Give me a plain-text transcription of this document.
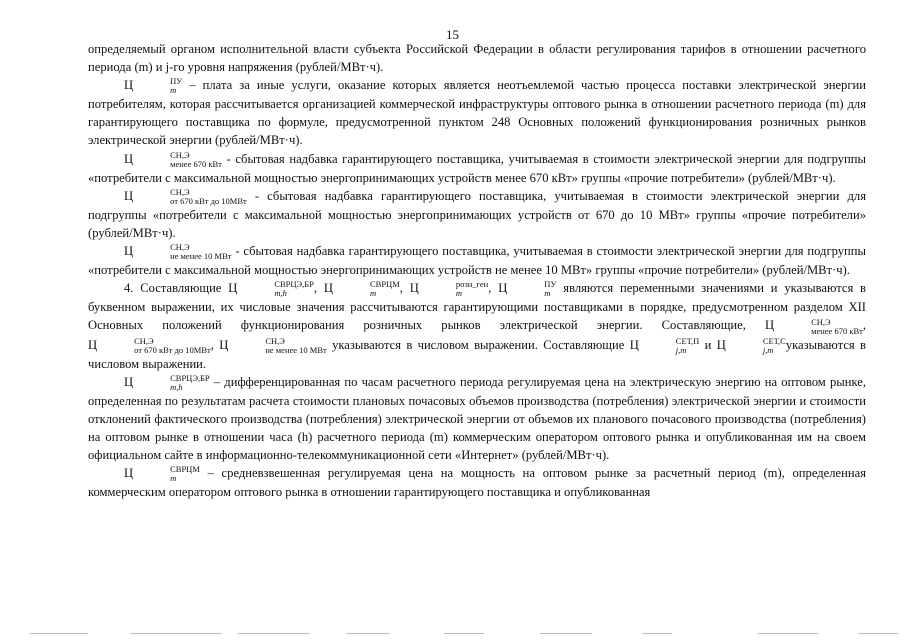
15

определяемый органом исполнительной власти субъекта Российской Федерации в области регулирования тарифов в отношении расчетного периода (m) и j-го уровня напряжения (рублей/МВт·ч).

Ц	ПУ
m – плата за иные услуги, оказание которых является неотъемлемой частью процесса поставки электрической энергии потребителям, которая рассчитывается организацией коммерческой инфраструктуры оптового рынка в отношении расчетного периода (m) для гарантирующего поставщика по формуле, предусмотренной пунктом 248 Основных положений функционирования розничных рынков электрической энергии (рублей/МВт·ч).

Ц	СН,Э
менее 670 кВт - сбытовая надбавка гарантирующего поставщика, учитываемая в стоимости электрической энергии для подгруппы «потребители с максимальной мощностью энергопринимающих устройств менее 670 кВт» группы «прочие потребители» (рублей/МВт·ч).

Ц	СН,Э
от 670 кВт до 10МВт - сбытовая надбавка гарантирующего поставщика, учитываемая в стоимости электрической энергии для подгруппы «потребители с максимальной мощностью энергопринимающих устройств от 670 до 10 МВт» группы «прочие потребители» (рублей/МВт·ч).

Ц	СН,Э
не менее 10 МВт - сбытовая надбавка гарантирующего поставщика, учитываемая в стоимости электрической энергии для подгруппы «потребители с максимальной мощностью энергопринимающих устройств не менее 10 МВт» группы «прочие потребители» (рублей/МВт·ч).

4. Составляющие Ц	СВРЦЭ,БР
m,h	, Ц	СВРЦМ
m	, Ц	розн_ген
m	, Ц	ПУ
m являются переменными значениями и указываются в буквенном выражении, их числовые значения рассчитываются гарантирующими поставщиками в порядке, предусмотренном разделом XII Основных положений функционирования розничных рынков электрической энергии. Составляющие, Ц	СН,Э
менее 670 кВт , Ц	СН,Э
от 670 кВт до 10МВт , Ц	СН,Э
не менее 10 МВт указываются в числовом выражении. Составляющие Ц	СЕТ,П
j,m	и Ц	СЕТ,С
j,m указываются в числовом выражении.

Ц	СВРЦЭ,БР
m,h	– дифференцированная по часам расчетного периода регулируемая цена на электрическую энергию на оптовом рынке, определенная по результатам расчета стоимости плановых почасовых объемов производства (потребления) электрической энергии и стоимости отклонений фактического производства (потребления) электрической энергии от объемов их планового почасового производства (потребления) на оптовом рынке в отношении часа (h) расчетного периода (m) коммерческим оператором оптового рынка и опубликованная им на своем официальном сайте в информационно-телекоммуникационной сети «Интернет» (рублей/МВт·ч).

Ц	СВРЦМ
m	– средневзвешенная регулируемая цена на мощность на оптовом рынке за расчетный период (m), определенная коммерческим оператором оптового рынка в отношении гарантирующего поставщика и опубликованная
